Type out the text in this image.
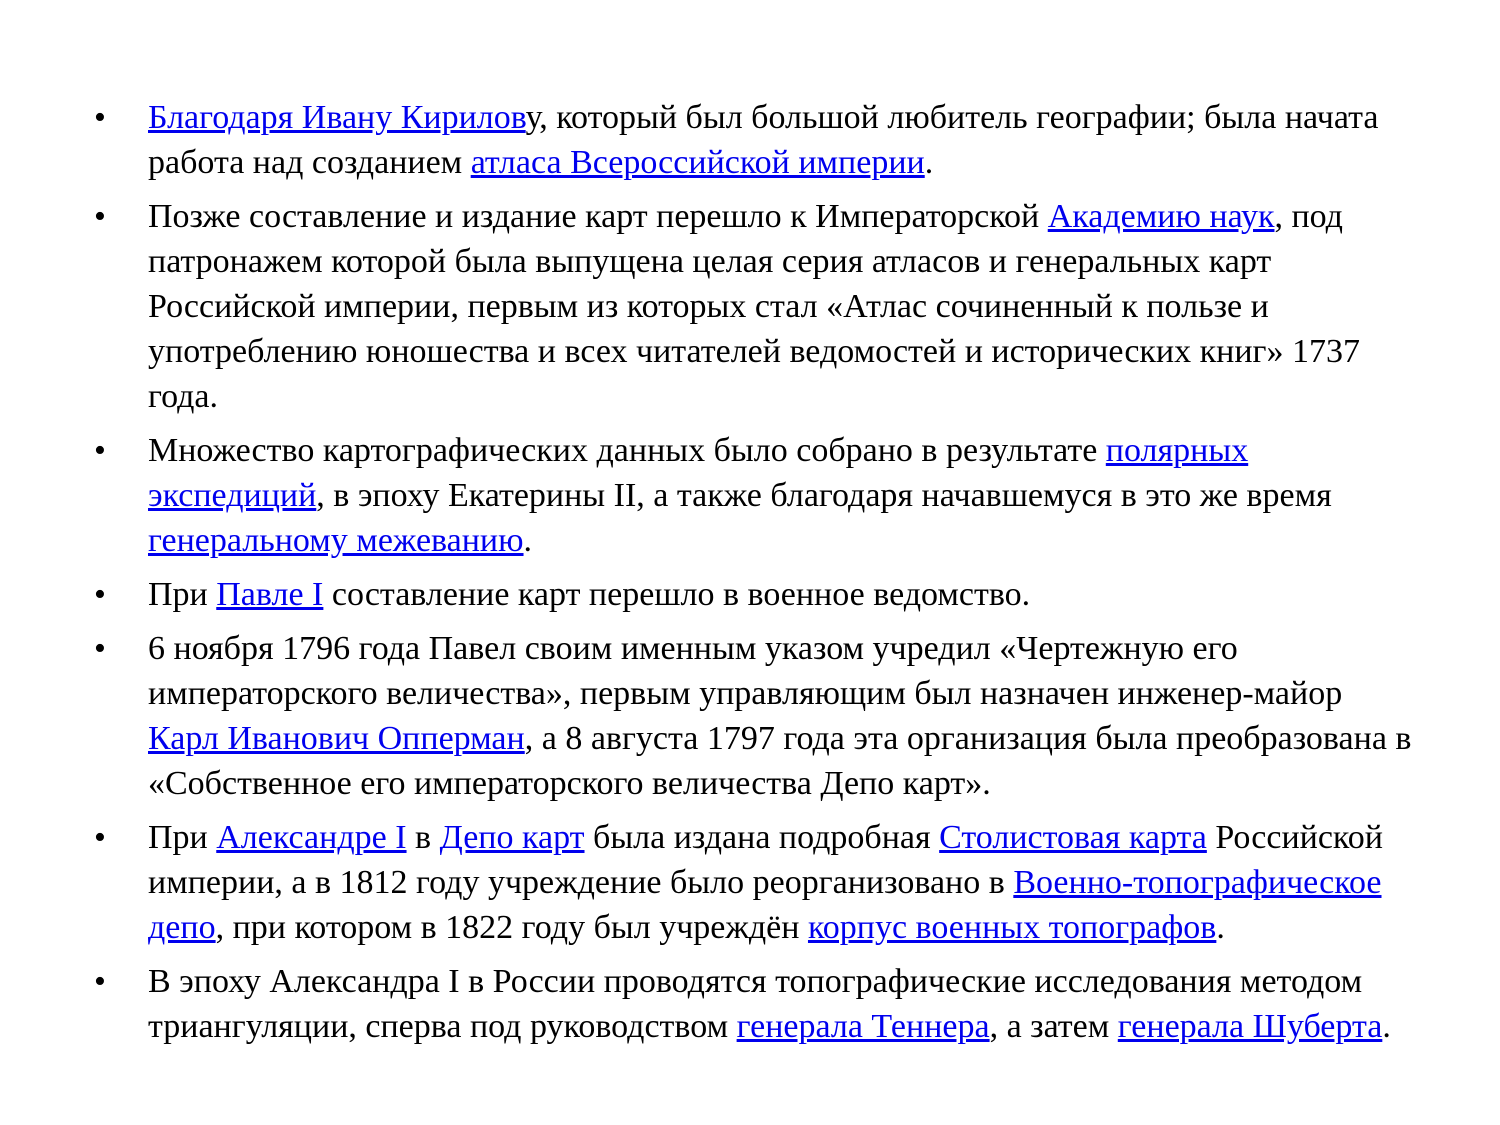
• Благодаря Ивану Кирилову, который был большой любитель географии; была начата работа над созданием атласа Всероссийской империи.
• Позже составление и издание карт перешло к Императорской Академию наук, под патронажем которой была выпущена целая серия атласов и генеральных карт Российской империи, первым из которых стал «Атлас сочиненный к пользе и употреблению юношества и всех читателей ведомостей и исторических книг» 1737 года.
• Множество картографических данных было собрано в результате полярных экспедиций, в эпоху Екатерины II, а также благодаря начавшемуся в это же время генеральному межеванию.
• При Павле I составление карт перешло в военное ведомство.
• 6 ноября 1796 года Павел своим именным указом учредил «Чертежную его императорского величества», первым управляющим был назначен инженер-майор Карл Иванович Опперман, а 8 августа 1797 года эта организация была преобразована в «Собственное его императорского величества Депо карт».
• При Александре I в Депо карт была издана подробная Столистовая карта Российской империи, а в 1812 году учреждение было реорганизовано в Военно-топографическое депо, при котором в 1822 году был учреждён корпус военных топографов.
• В эпоху Александра I в России проводятся топографические исследования методом триангуляции, сперва под руководством генерала Теннера, а затем генерала Шуберта.
